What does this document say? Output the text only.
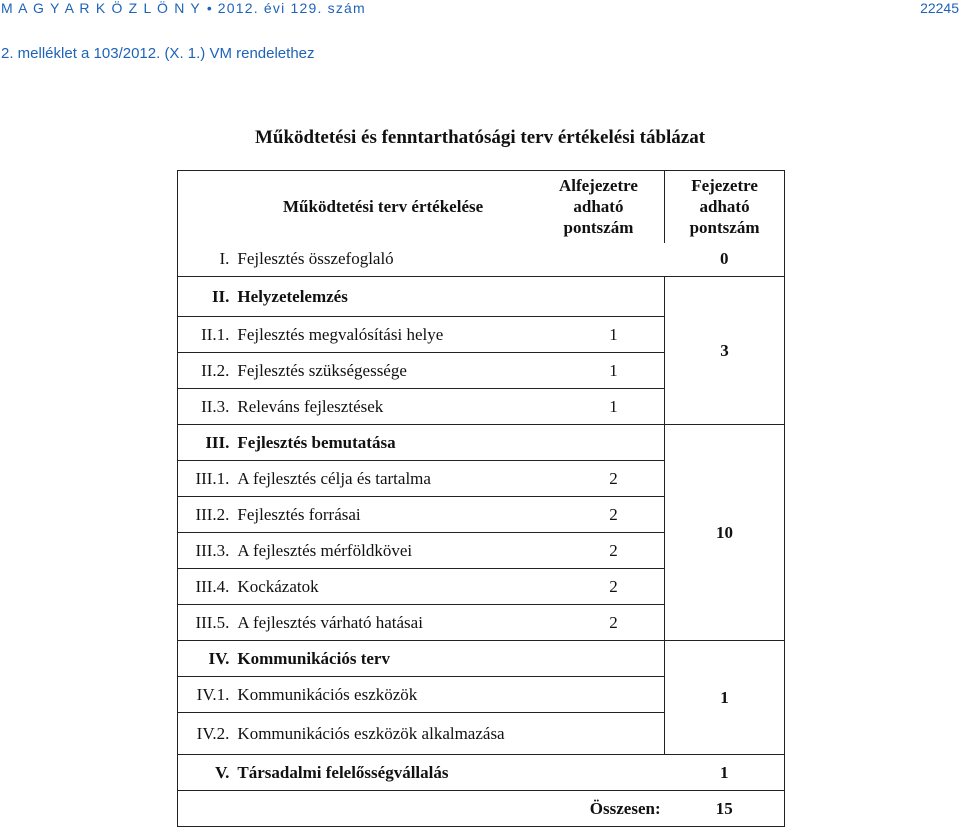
M A G Y A R K Ö Z L Ö N Y • 2012. évi 129. szám	22245
2. melléklet a 103/2012. (X. 1.) VM rendelethez
Működtetési és fenntarthatósági terv értékelési táblázat
	Működtetési terv értékelése	Alfejezetre adható pontszám	Fejezetre adható pontszám
I.	Fejlesztés összefoglaló		0
II.	Helyzetelemzés		3
II.1.	Fejlesztés megvalósítási helye	1	
II.2.	Fejlesztés szükségessége	1	
II.3.	Releváns fejlesztések	1	
III.	Fejlesztés bemutatása		10
III.1.	A fejlesztés célja és tartalma	2	
III.2.	Fejlesztés forrásai	2	
III.3.	A fejlesztés mérföldkövei	2	
III.4.	Kockázatok	2	
III.5.	A fejlesztés várható hatásai	2	
IV.	Kommunikációs terv		1
IV.1.	Kommunikációs eszközök		
IV.2.	Kommunikációs eszközök alkalmazása		
V.	Társadalmi felelősségvállalás		1
		Összesen:	15
